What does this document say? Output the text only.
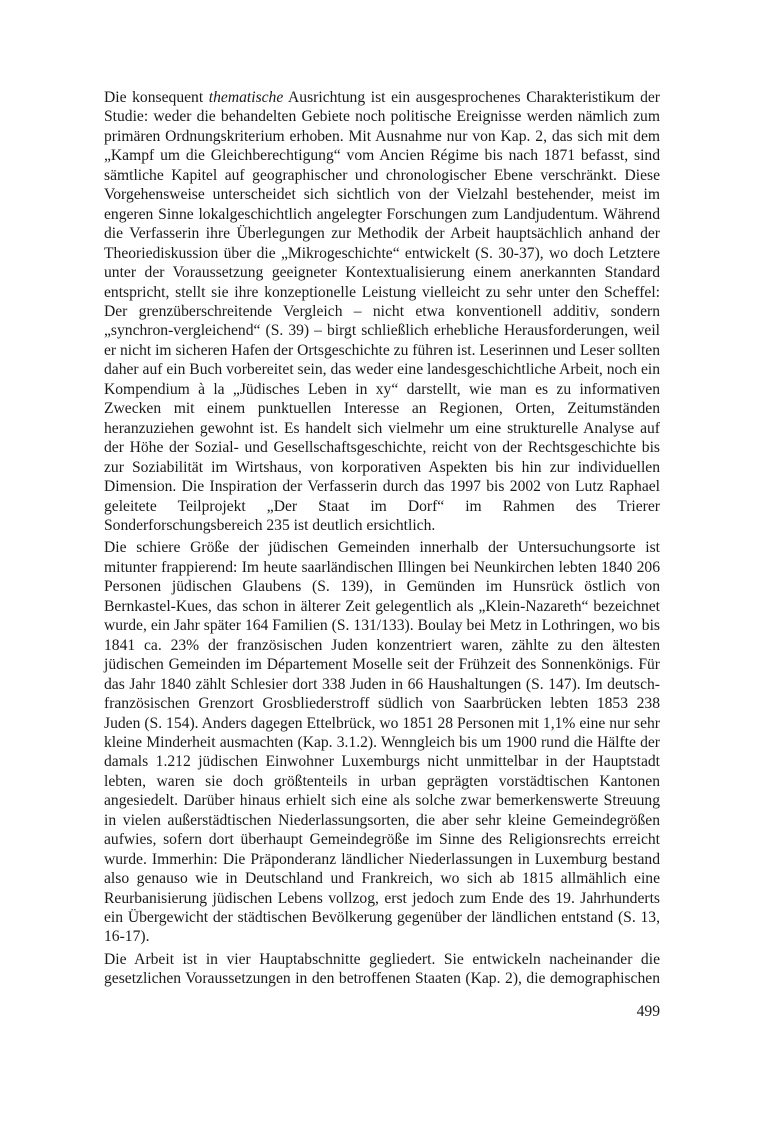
Die konsequent thematische Ausrichtung ist ein ausgesprochenes Charakteristikum der Studie: weder die behandelten Gebiete noch politische Ereignisse werden nämlich zum primären Ordnungskriterium erhoben. Mit Ausnahme nur von Kap. 2, das sich mit dem „Kampf um die Gleichberechtigung“ vom Ancien Régime bis nach 1871 befasst, sind sämtliche Kapitel auf geographischer und chronologischer Ebene verschränkt. Diese Vorgehensweise unterscheidet sich sichtlich von der Vielzahl bestehender, meist im engeren Sinne lokalgeschichtlich angelegter Forschungen zum Landjudentum. Während die Verfasserin ihre Überlegungen zur Methodik der Arbeit hauptsächlich anhand der Theoriediskussion über die „Mikrogeschichte“ entwickelt (S. 30-37), wo doch Letztere unter der Voraussetzung geeigneter Kontextualisierung einem anerkannten Standard entspricht, stellt sie ihre konzeptionelle Leistung vielleicht zu sehr unter den Scheffel: Der grenzüberschreitende Vergleich – nicht etwa konventionell additiv, sondern „synchron-vergleichend“ (S. 39) – birgt schließlich erhebliche Herausforderungen, weil er nicht im sicheren Hafen der Ortsgeschichte zu führen ist. Leserinnen und Leser sollten daher auf ein Buch vorbereitet sein, das weder eine landesgeschichtliche Arbeit, noch ein Kompendium à la „Jüdisches Leben in xy“ darstellt, wie man es zu informativen Zwecken mit einem punktuellen Interesse an Regionen, Orten, Zeitumständen heranzuziehen gewohnt ist. Es handelt sich vielmehr um eine strukturelle Analyse auf der Höhe der Sozial- und Gesellschaftsgeschichte, reicht von der Rechtsgeschichte bis zur Soziabilität im Wirtshaus, von korporativen Aspekten bis hin zur individuellen Dimension. Die Inspiration der Verfasserin durch das 1997 bis 2002 von Lutz Raphael geleitete Teilprojekt „Der Staat im Dorf“ im Rahmen des Trierer Sonderforschungsbereich 235 ist deutlich ersichtlich.

Die schiere Größe der jüdischen Gemeinden innerhalb der Untersuchungsorte ist mitunter frappierend: Im heute saarländischen Illingen bei Neunkirchen lebten 1840 206 Personen jüdischen Glaubens (S. 139), in Gemünden im Hunsrück östlich von Bernkastel-Kues, das schon in älterer Zeit gelegentlich als „Klein-Nazareth“ bezeichnet wurde, ein Jahr später 164 Familien (S. 131/133). Boulay bei Metz in Lothringen, wo bis 1841 ca. 23% der französischen Juden konzentriert waren, zählte zu den ältesten jüdischen Gemeinden im Département Moselle seit der Frühzeit des Sonnenkönigs. Für das Jahr 1840 zählt Schlesier dort 338 Juden in 66 Haushaltungen (S. 147). Im deutsch-französischen Grenzort Grosbliederstroff südlich von Saarbrücken lebten 1853 238 Juden (S. 154). Anders dagegen Ettelbrück, wo 1851 28 Personen mit 1,1% eine nur sehr kleine Minderheit ausmachten (Kap. 3.1.2). Wenngleich bis um 1900 rund die Hälfte der damals 1.212 jüdischen Einwohner Luxemburgs nicht unmittelbar in der Hauptstadt lebten, waren sie doch größtenteils in urban geprägten vorstädtischen Kantonen angesiedelt. Darüber hinaus erhielt sich eine als solche zwar bemerkenswerte Streuung in vielen außerstädtischen Niederlassungsorten, die aber sehr kleine Gemeindegrößen aufwies, sofern dort überhaupt Gemeindegröße im Sinne des Religionsrechts erreicht wurde. Immerhin: Die Präponderanz ländlicher Niederlassungen in Luxemburg bestand also genauso wie in Deutschland und Frankreich, wo sich ab 1815 allmählich eine Reurbanisierung jüdischen Lebens vollzog, erst jedoch zum Ende des 19. Jahrhunderts ein Übergewicht der städtischen Bevölkerung gegenüber der ländlichen entstand (S. 13, 16-17).

Die Arbeit ist in vier Hauptabschnitte gegliedert. Sie entwickeln nacheinander die gesetzlichen Voraussetzungen in den betroffenen Staaten (Kap. 2), die demographischen

499
